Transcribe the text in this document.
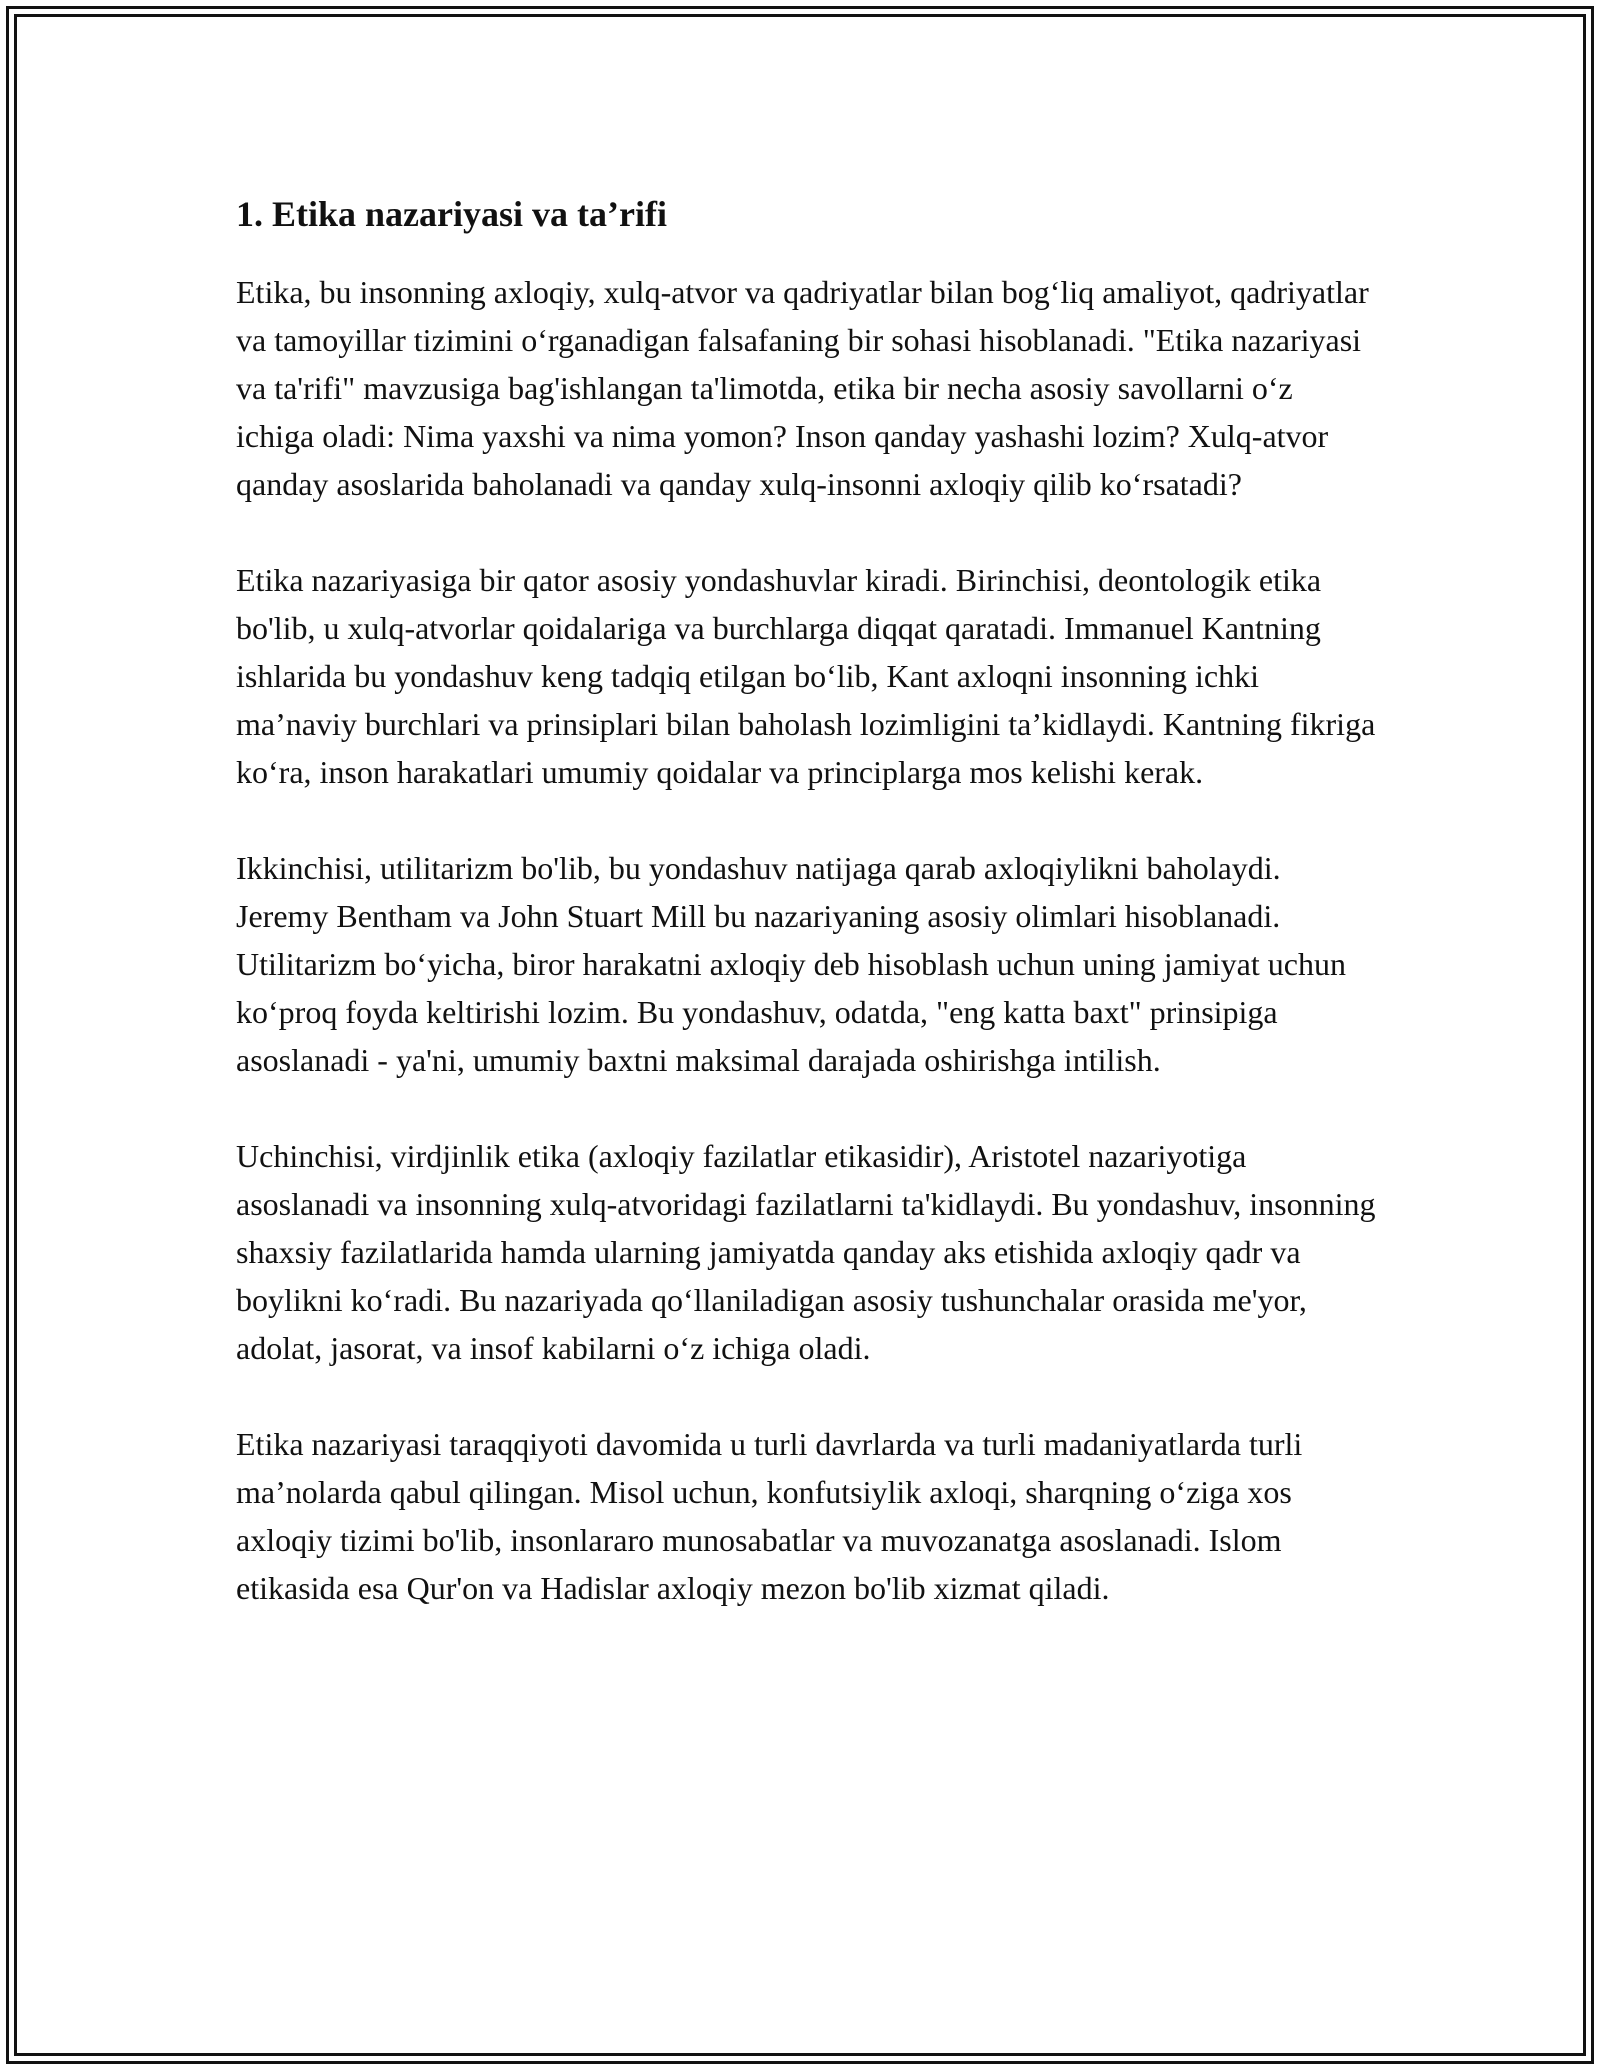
1. Etika nazariyasi va ta’rifi

Etika, bu insonning axloqiy, xulq-atvor va qadriyatlar bilan bog‘liq amaliyot, qadriyatlar va tamoyillar tizimini o‘rganadigan falsafaning bir sohasi hisoblanadi. "Etika nazariyasi va ta'rifi" mavzusiga bag'ishlangan ta'limotda, etika bir necha asosiy savollarni o‘z ichiga oladi: Nima yaxshi va nima yomon? Inson qanday yashashi lozim? Xulq-atvor qanday asoslarida baholanadi va qanday xulq-insonni axloqiy qilib ko‘rsatadi?

Etika nazariyasiga bir qator asosiy yondashuvlar kiradi. Birinchisi, deontologik etika bo'lib, u xulq-atvorlar qoidalariga va burchlarga diqqat qaratadi. Immanuel Kantning ishlarida bu yondashuv keng tadqiq etilgan bo‘lib, Kant axloqni insonning ichki ma’naviy burchlari va prinsiplari bilan baholash lozimligini ta’kidlaydi. Kantning fikriga ko‘ra, inson harakatlari umumiy qoidalar va principlarga mos kelishi kerak.

Ikkinchisi, utilitarizm bo'lib, bu yondashuv natijaga qarab axloqiylikni baholaydi. Jeremy Bentham va John Stuart Mill bu nazariyaning asosiy olimlari hisoblanadi. Utilitarizm bo‘yicha, biror harakatni axloqiy deb hisoblash uchun uning jamiyat uchun ko‘proq foyda keltirishi lozim. Bu yondashuv, odatda, "eng katta baxt" prinsipiga asoslanadi - ya'ni, umumiy baxtni maksimal darajada oshirishga intilish.

Uchinchisi, virdjinlik etika (axloqiy fazilatlar etikasidir), Aristotel nazariyotiga asoslanadi va insonning xulq-atvoridagi fazilatlarni ta'kidlaydi. Bu yondashuv, insonning shaxsiy fazilatlarida hamda ularning jamiyatda qanday aks etishida axloqiy qadr va boylikni ko‘radi. Bu nazariyada qo‘llaniladigan asosiy tushunchalar orasida me'yor, adolat, jasorat, va insof kabilarni o‘z ichiga oladi.

Etika nazariyasi taraqqiyoti davomida u turli davrlarda va turli madaniyatlarda turli ma’nolarda qabul qilingan. Misol uchun, konfutsiylik axloqi, sharqning o‘ziga xos axloqiy tizimi bo'lib, insonlararo munosabatlar va muvozanatga asoslanadi. Islom etikasida esa Qur'on va Hadislar axloqiy mezon bo'lib xizmat qiladi.
